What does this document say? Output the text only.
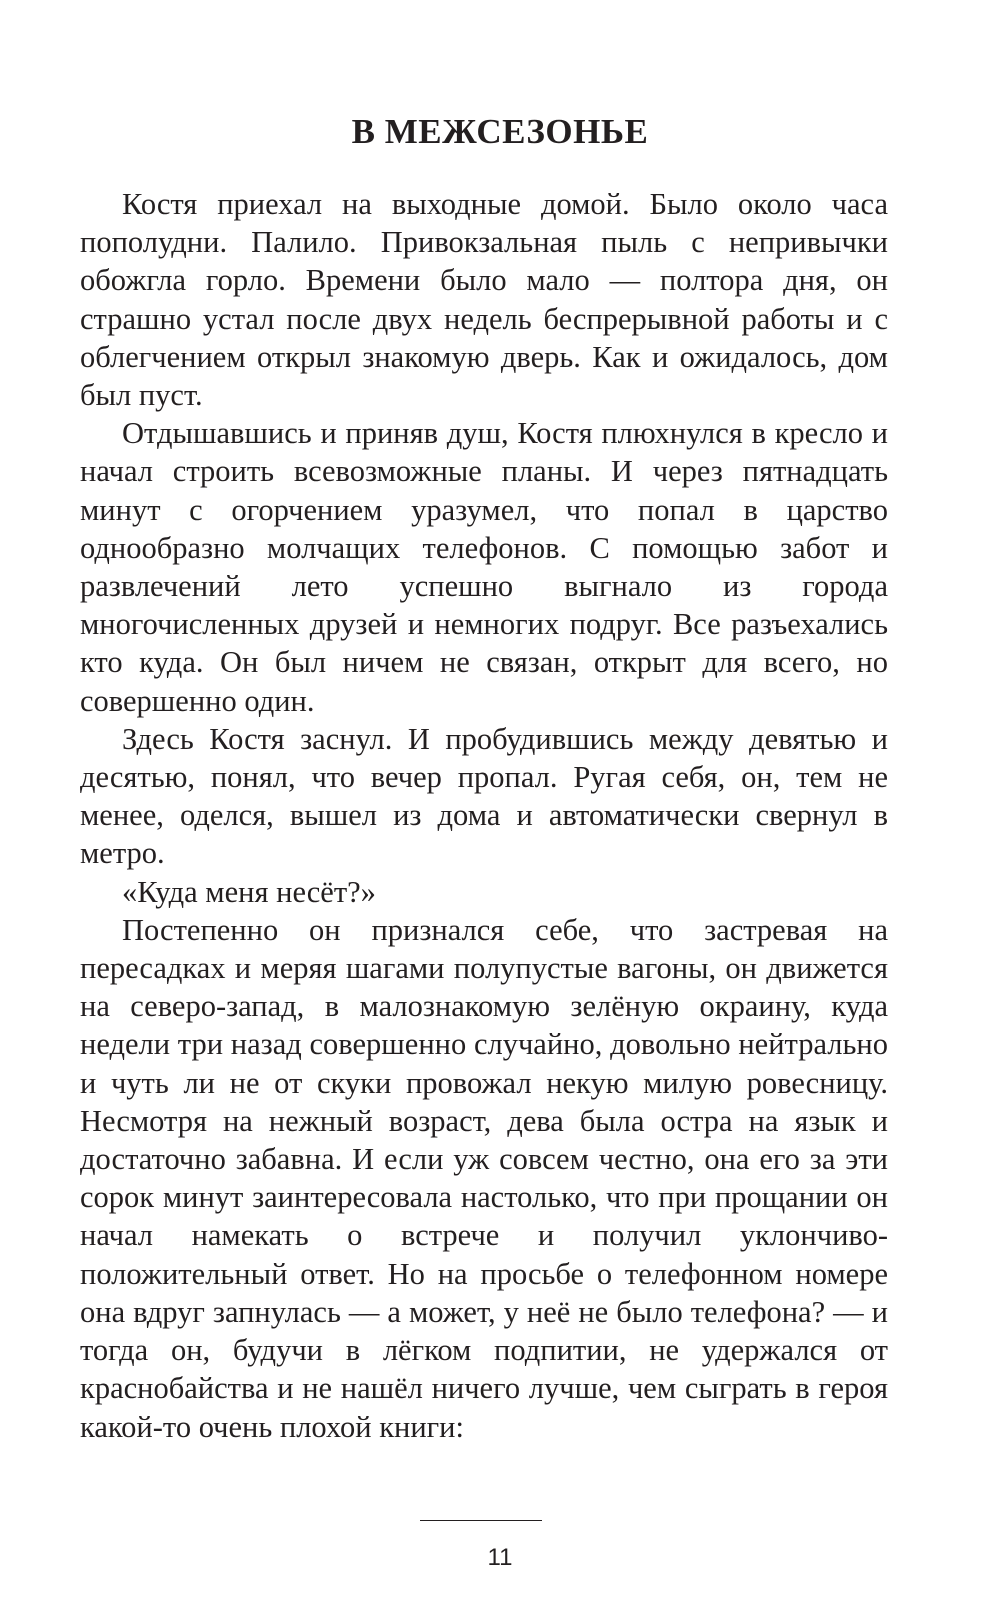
В МЕЖСЕЗОНЬЕ

Костя приехал на выходные домой. Было около часа пополудни. Палило. Привокзальная пыль с непривычки обожгла горло. Времени было мало — полтора дня, он страшно устал после двух недель беспрерывной работы и с облегчением открыл знакомую дверь. Как и ожидалось, дом был пуст.

Отдышавшись и приняв душ, Костя плюхнулся в кресло и начал строить всевозможные планы. И через пятнадцать минут с огорчением уразумел, что попал в царство однообразно молчащих телефонов. С помощью забот и развлечений лето успешно выгнало из города многочисленных друзей и немногих подруг. Все разъехались кто куда. Он был ничем не связан, открыт для всего, но совершенно один.

Здесь Костя заснул. И пробудившись между девятью и десятью, понял, что вечер пропал. Ругая себя, он, тем не менее, оделся, вышел из дома и автоматически свернул в метро.

«Куда меня несёт?»

Постепенно он признался себе, что застревая на пересадках и меряя шагами полупустые вагоны, он движется на северо-запад, в малознакомую зелёную окраину, куда недели три назад совершенно случайно, довольно нейтрально и чуть ли не от скуки провожал некую милую ровесницу. Несмотря на нежный возраст, дева была остра на язык и достаточно забавна. И если уж совсем честно, она его за эти сорок минут заинтересовала настолько, что при прощании он начал намекать о встрече и получил уклончиво-положительный ответ. Но на просьбе о телефонном номере она вдруг запнулась — а может, у неё не было телефона? — и тогда он, будучи в лёгком подпитии, не удержался от краснобайства и не нашёл ничего лучше, чем сыграть в героя какой-то очень плохой книги:

11
